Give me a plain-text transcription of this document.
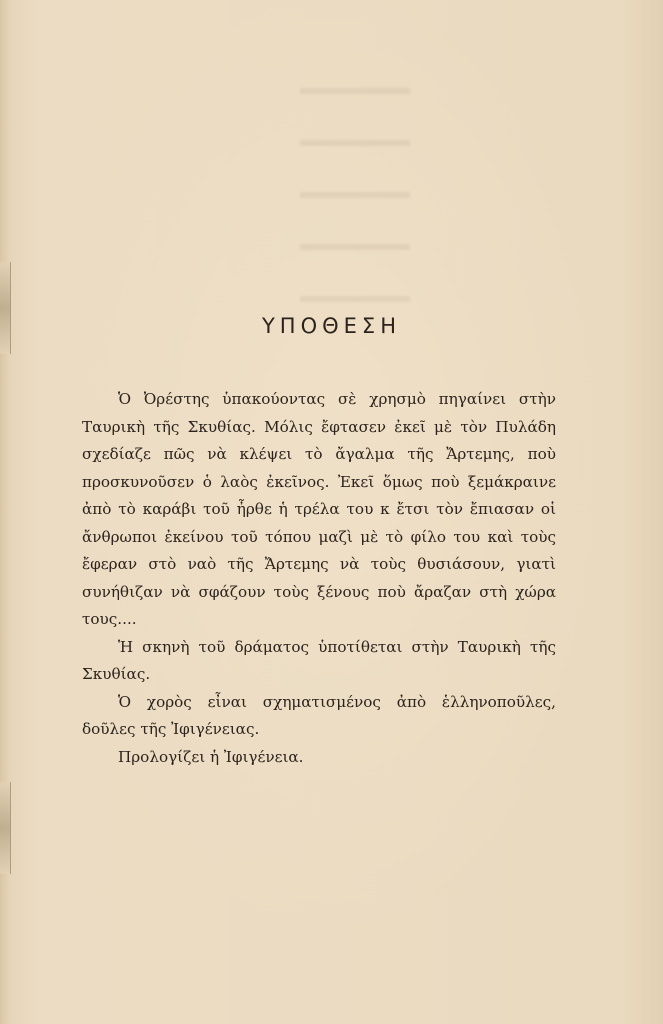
ΥΠΟΘΕΣΗ

Ὁ Ὀρέστης ὑπακούοντας σὲ χρησμὸ πηγαίνει στὴν Ταυρικὴ τῆς Σκυθίας. Μόλις ἔφτασεν ἐκεῖ μὲ τὸν Πυλάδη σχεδίαζε πῶς νὰ κλέψει τὸ ἄγαλμα τῆς Ἄρτεμης, ποὺ προσκυνοῦσεν ὁ λαὸς ἐκεῖνος. Ἐκεῖ ὅμως ποὺ ξεμάκραινε ἀπὸ τὸ καράβι τοῦ ἦρθε ἡ τρέλα του κ ἔτσι τὸν ἔπιασαν οἱ ἄνθρωποι ἐκείνου τοῦ τόπου μαζὶ μὲ τὸ φίλο του καὶ τοὺς ἔφεραν στὸ ναὸ τῆς Ἄρτεμης νὰ τοὺς θυσιάσουν, γιατὶ συνήθιζαν νὰ σφάζουν τοὺς ξένους ποὺ ἄραζαν στὴ χώρα τους....

Ἡ σκηνὴ τοῦ δράματος ὑποτίθεται στὴν Ταυρικὴ τῆς Σκυθίας.

Ὁ χορὸς εἶναι σχηματισμένος ἀπὸ ἑλληνοποῦλες, δοῦλες τῆς Ἰφιγένειας.

Προλογίζει ἡ Ἰφιγένεια.
